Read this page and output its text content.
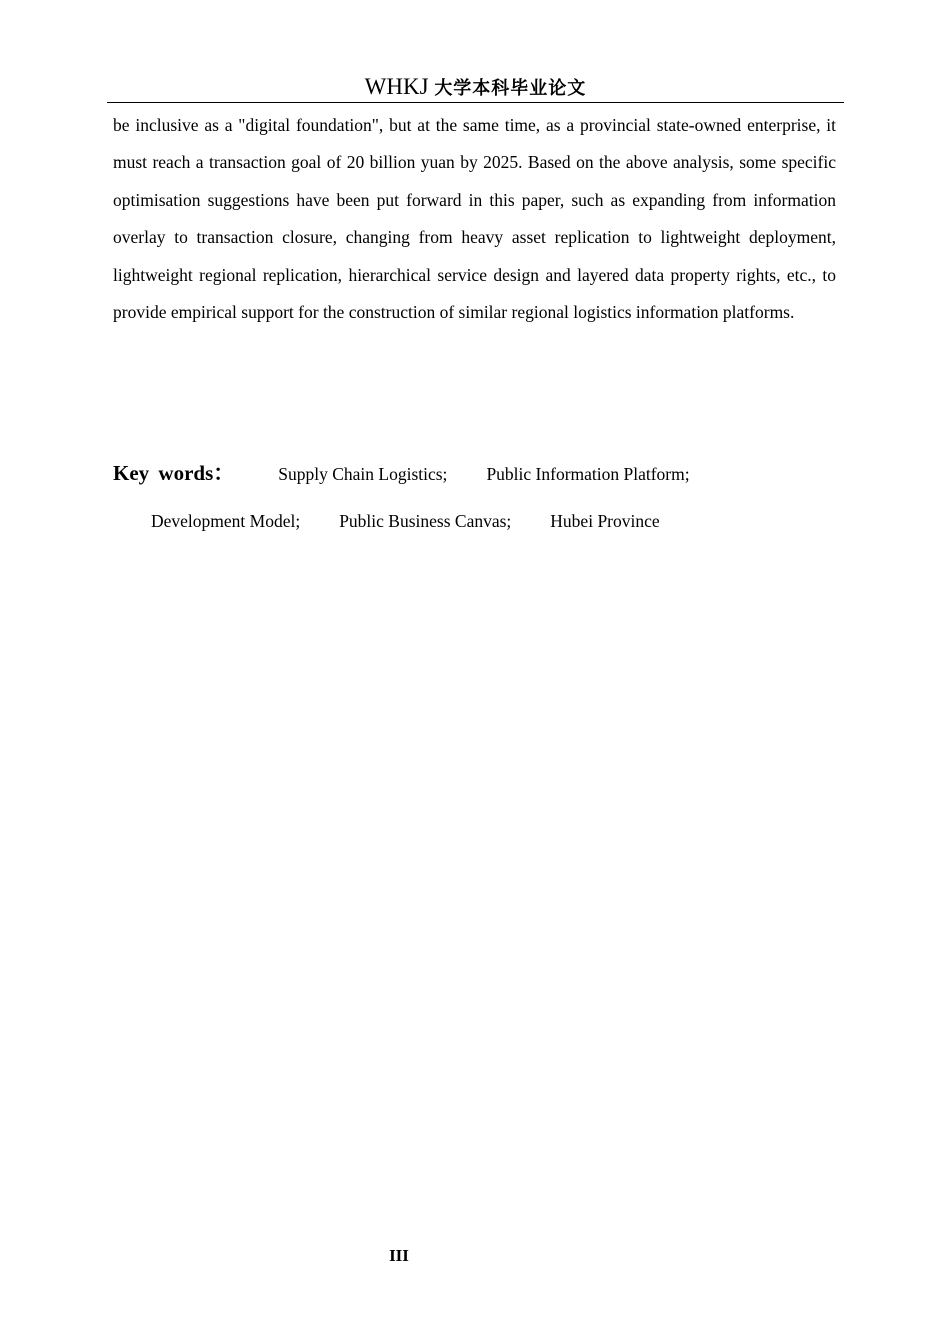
WHKJ 大学本科毕业论文

be inclusive as a "digital foundation", but at the same time, as a provincial state-owned enterprise, it must reach a transaction goal of 20 billion yuan by 2025. Based on the above analysis, some specific optimisation suggestions have been put forward in this paper, such as expanding from information overlay to transaction closure, changing from heavy asset replication to lightweight deployment, lightweight regional replication, hierarchical service design and layered data property rights, etc., to provide empirical support for the construction of similar regional logistics information platforms.

Key words：	Supply Chain Logistics; Public Information Platform;
Development Model; Public Business Canvas; Hubei Province
III
